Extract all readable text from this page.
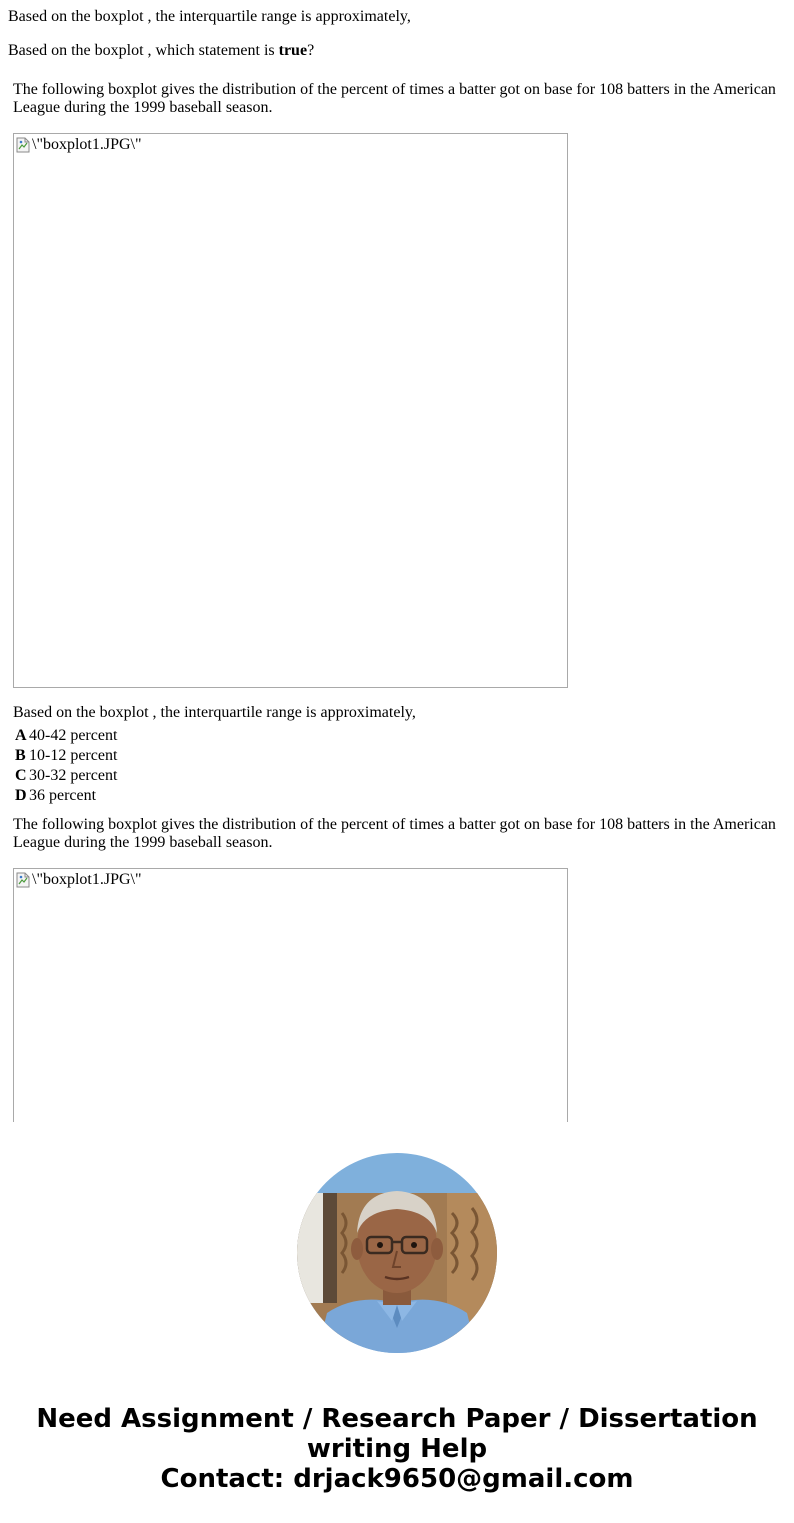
Based on the boxplot , the interquartile range is approximately,

Based on the boxplot , which statement is true?

The following boxplot gives the distribution of the percent of times a batter got on base for 108 batters in the American League during the 1999 baseball season.

\"boxplot1.JPG\"

Based on the boxplot , the interquartile range is approximately,

A	40-42 percent
B	10-12 percent
C	30-32 percent
D	36 percent

The following boxplot gives the distribution of the percent of times a batter got on base for 108 batters in the American League during the 1999 baseball season.

\"boxplot1.JPG\"
Need Assignment / Research Paper / Dissertation
writing Help
Contact: drjack9650@gmail.com
